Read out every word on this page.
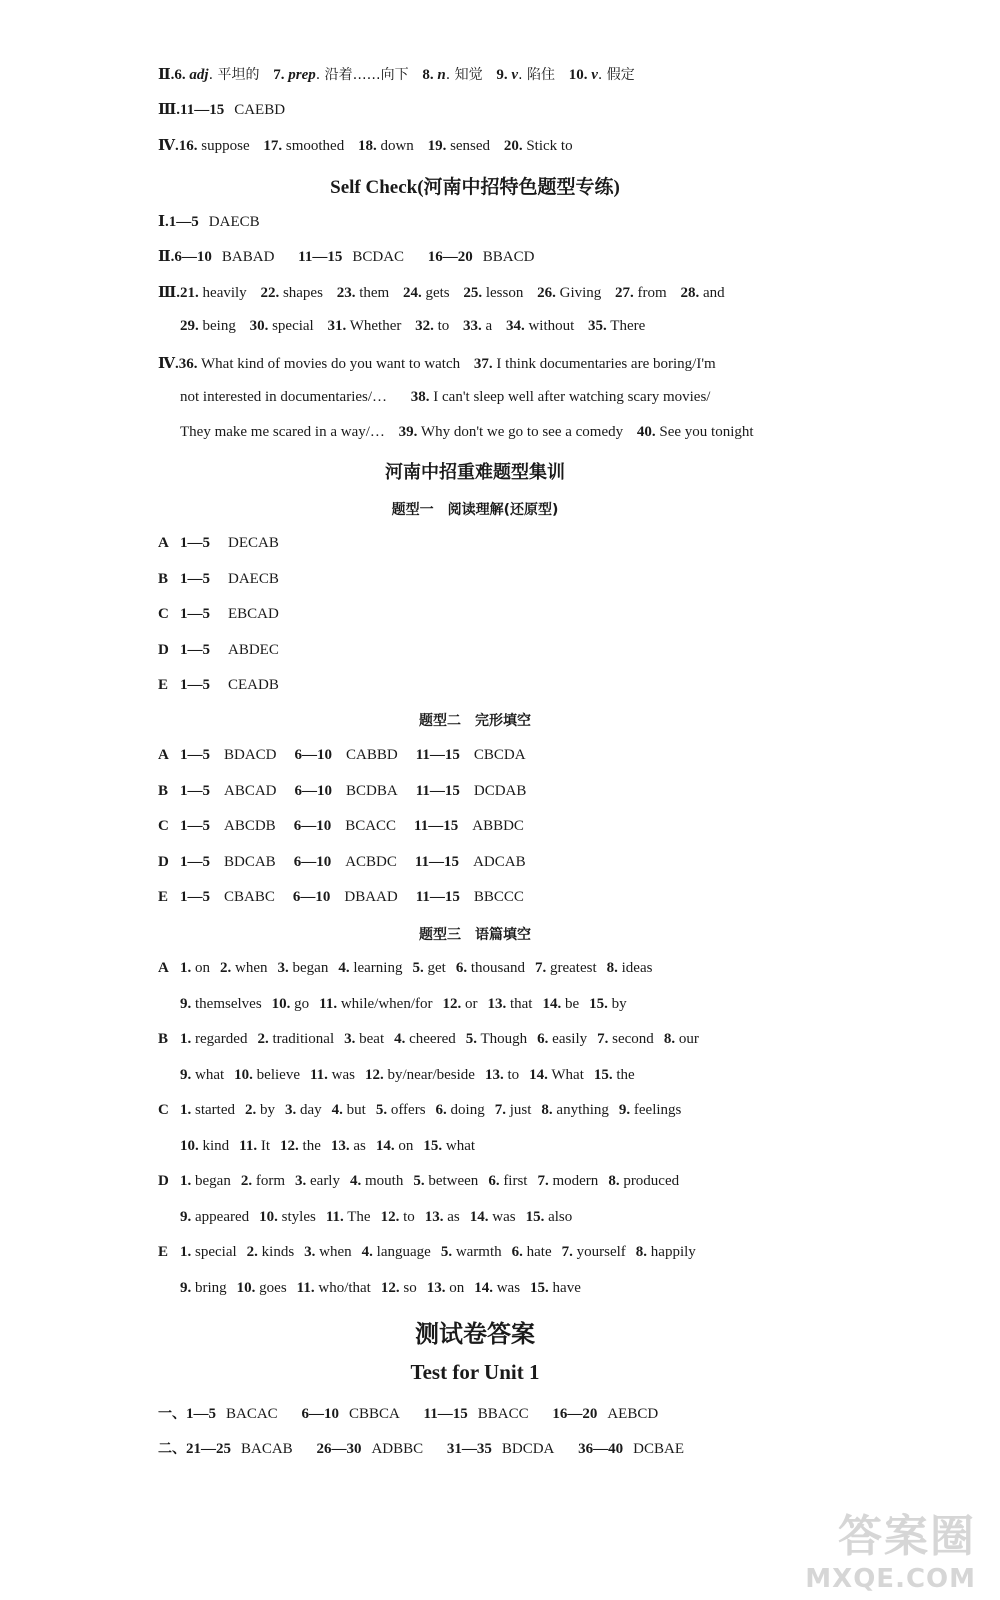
Ⅱ.6. adj. 平坦的 7. prep. 沿着……向下 8. n. 知觉 9. v. 陷住 10. v. 假定
Ⅲ.11—15 CAEBD
Ⅳ.16. suppose 17. smoothed 18. down 19. sensed 20. Stick to
Self Check(河南中招特色题型专练)
Ⅰ.1—5 DAECB
Ⅱ.6—10 BABAD 11—15 BCDAC 16—20 BBACD
Ⅲ.21. heavily 22. shapes 23. them 24. gets 25. lesson 26. Giving 27. from 28. and
29. being 30. special 31. Whether 32. to 33. a 34. without 35. There
Ⅳ.36. What kind of movies do you want to watch 37. I think documentaries are boring/I'm
not interested in documentaries/… 38. I can't sleep well after watching scary movies/
They make me scared in a way/… 39. Why don't we go to see a comedy 40. See you tonight
河南中招重难题型集训
题型一　阅读理解(还原型)
A 1—5 DECAB
B 1—5 DAECB
C 1—5 EBCAD
D 1—5 ABDEC
E 1—5 CEADB
题型二　完形填空
A 1—5 BDACD 6—10 CABBD 11—15 CBCDA
B 1—5 ABCAD 6—10 BCDBA 11—15 DCDAB
C 1—5 ABCDB 6—10 BCACC 11—15 ABBDC
D 1—5 BDCAB 6—10 ACBDC 11—15 ADCAB
E 1—5 CBABC 6—10 DBAAD 11—15 BBCCC
题型三　语篇填空
A 1. on 2. when 3. began 4. learning 5. get 6. thousand 7. greatest 8. ideas
9. themselves 10. go 11. while/when/for 12. or 13. that 14. be 15. by
B 1. regarded 2. traditional 3. beat 4. cheered 5. Though 6. easily 7. second 8. our
9. what 10. believe 11. was 12. by/near/beside 13. to 14. What 15. the
C 1. started 2. by 3. day 4. but 5. offers 6. doing 7. just 8. anything 9. feelings
10. kind 11. It 12. the 13. as 14. on 15. what
D 1. began 2. form 3. early 4. mouth 5. between 6. first 7. modern 8. produced
9. appeared 10. styles 11. The 12. to 13. as 14. was 15. also
E 1. special 2. kinds 3. when 4. language 5. warmth 6. hate 7. yourself 8. happily
9. bring 10. goes 11. who/that 12. so 13. on 14. was 15. have
测试卷答案
Test for Unit 1
一、1—5 BACAC 6—10 CBBCA 11—15 BBACC 16—20 AEBCD
二、21—25 BACAB 26—30 ADBBC 31—35 BDCDA 36—40 DCBAE
答案圈
MXQE.COM
